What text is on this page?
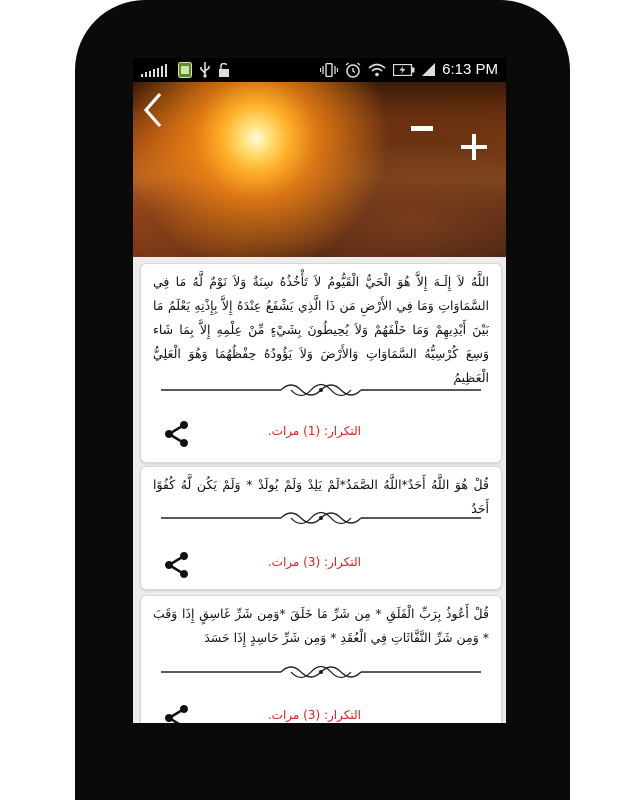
6:13 PM
اللَّهُ لاَ إِلَـهَ إِلاَّ هُوَ الْحَيُّ الْقَيُّومُ لاَ تَأْخُذُهُ سِنَةٌ وَلاَ نَوْمٌ لَّهُ مَا فِي السَّمَاوَاتِ وَمَا فِي الأَرْضِ مَن ذَا الَّذِي يَشْفَعُ عِنْدَهُ إِلاَّ بِإِذْنِهِ يَعْلَمُ مَا بَيْنَ أَيْدِيهِمْ وَمَا خَلْفَهُمْ وَلاَ يُحِيطُونَ بِشَيْءٍ مِّنْ عِلْمِهِ إِلاَّ بِمَا شَاء وَسِعَ كُرْسِيُّهُ السَّمَاوَاتِ وَالأَرْضَ وَلاَ يَؤُودُهُ حِفْظُهُمَا وَهُوَ الْعَلِيُّ الْعَظِيمُ
التكرار: (1) مرات.
قُلْ هُوَ اللَّهُ أَحَدٌ*اللَّهُ الصَّمَدُ*لَمْ يَلِدْ وَلَمْ يُولَدْ * وَلَمْ يَكُن لَّهُ كُفُوًا أَحَدٌ
التكرار: (3) مرات.
قُلْ أَعُوذُ بِرَبِّ الْفَلَقِ * مِن شَرِّ مَا خَلَقَ *وَمِن شَرِّ غَاسِقٍ إِذَا وَقَبَ * وَمِن شَرِّ النَّفَّاثَاتِ فِي الْعُقَدِ * وَمِن شَرِّ حَاسِدٍ إِذَا حَسَدَ
التكرار: (3) مرات.
